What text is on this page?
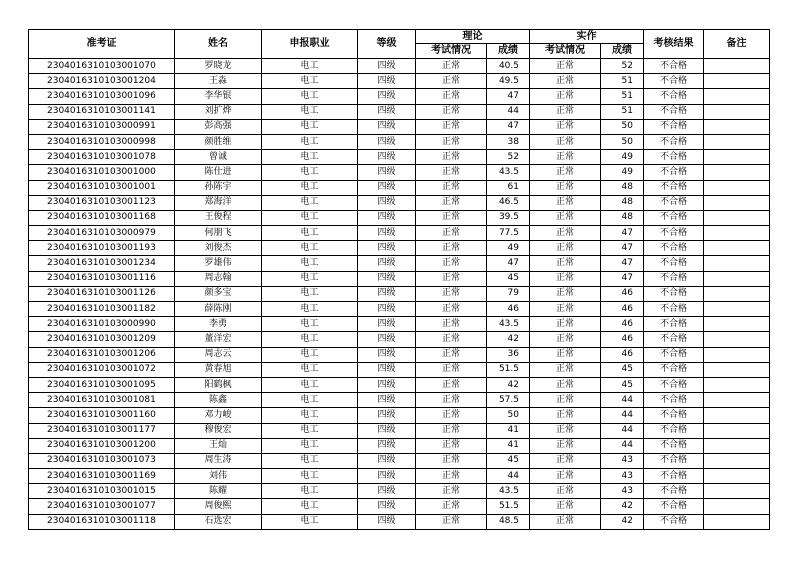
准考证	姓名	申报职业	等级	理论		实作		考核结果	备注
				考试情况	成绩	考试情况	成绩		
2304016310103001070	罗晓龙	电工	四级	正常	40.5	正常	52	不合格	
2304016310103001204	王淼	电工	四级	正常	49.5	正常	51	不合格	
2304016310103001096	李华银	电工	四级	正常	47	正常	51	不合格	
2304016310103001141	刘扩烨	电工	四级	正常	44	正常	51	不合格	
2304016310103000991	彭高强	电工	四级	正常	47	正常	50	不合格	
2304016310103000998	颜胜维	电工	四级	正常	38	正常	50	不合格	
2304016310103001078	曾诚	电工	四级	正常	52	正常	49	不合格	
2304016310103001000	陈仕进	电工	四级	正常	43.5	正常	49	不合格	
2304016310103001001	孙陈宇	电工	四级	正常	61	正常	48	不合格	
2304016310103001123	郑海洋	电工	四级	正常	46.5	正常	48	不合格	
2304016310103001168	王俊程	电工	四级	正常	39.5	正常	48	不合格	
2304016310103000979	何朋飞	电工	四级	正常	77.5	正常	47	不合格	
2304016310103001193	刘俊杰	电工	四级	正常	49	正常	47	不合格	
2304016310103001234	罗雄伟	电工	四级	正常	47	正常	47	不合格	
2304016310103001116	周志翰	电工	四级	正常	45	正常	47	不合格	
2304016310103001126	颜多宝	电工	四级	正常	79	正常	46	不合格	
2304016310103001182	薛陈刚	电工	四级	正常	46	正常	46	不合格	
2304016310103000990	李勇	电工	四级	正常	43.5	正常	46	不合格	
2304016310103001209	董洋宏	电工	四级	正常	42	正常	46	不合格	
2304016310103001206	周志云	电工	四级	正常	36	正常	46	不合格	
2304016310103001072	黄春旭	电工	四级	正常	51.5	正常	45	不合格	
2304016310103001095	阳鹤枫	电工	四级	正常	42	正常	45	不合格	
2304016310103001081	陈鑫	电工	四级	正常	57.5	正常	44	不合格	
2304016310103001160	邓力峻	电工	四级	正常	50	正常	44	不合格	
2304016310103001177	穆俊宏	电工	四级	正常	41	正常	44	不合格	
2304016310103001200	王灿	电工	四级	正常	41	正常	44	不合格	
2304016310103001073	周生涛	电工	四级	正常	45	正常	43	不合格	
2304016310103001169	刘伟	电工	四级	正常	44	正常	43	不合格	
2304016310103001015	陈耀	电工	四级	正常	43.5	正常	43	不合格	
2304016310103001077	周俊熙	电工	四级	正常	51.5	正常	42	不合格	
2304016310103001118	石选宏	电工	四级	正常	48.5	正常	42	不合格	
